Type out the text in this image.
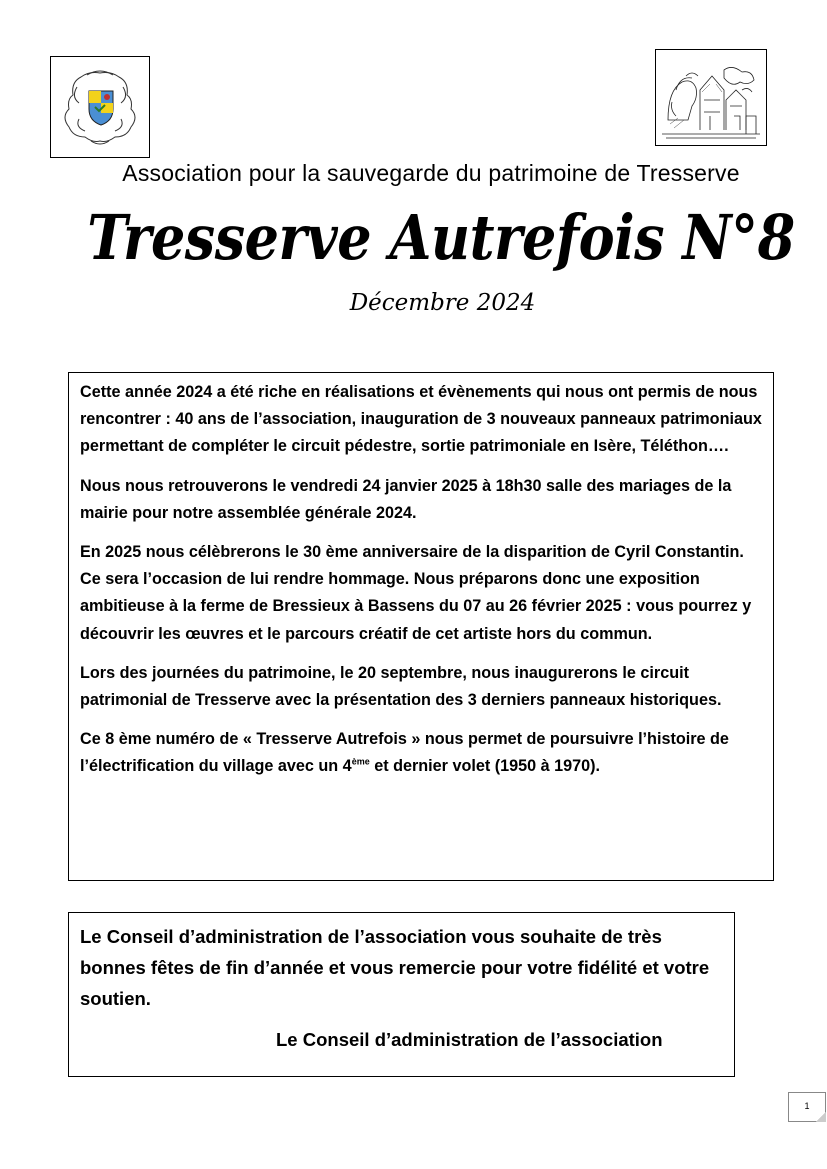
Association pour la sauvegarde du patrimoine de Tresserve
Tresserve Autrefois N°8
Décembre 2024

Cette année 2024 a été riche en réalisations et évènements qui nous ont permis de nous rencontrer : 40 ans de l’association, inauguration de 3 nouveaux panneaux patrimoniaux permettant de compléter le circuit pédestre, sortie patrimoniale en Isère, Téléthon….

Nous nous retrouverons le vendredi 24 janvier 2025 à 18h30 salle des mariages de la mairie pour notre assemblée générale 2024.

En 2025 nous célèbrerons le 30 ème anniversaire de la disparition de Cyril Constantin. Ce sera l’occasion de lui rendre hommage. Nous préparons donc une exposition ambitieuse à la ferme de Bressieux à Bassens du 07 au 26 février 2025 : vous pourrez y découvrir les œuvres et le parcours créatif de cet artiste hors du commun.

Lors des journées du patrimoine, le 20 septembre, nous inaugurerons le circuit patrimonial de Tresserve avec la présentation des 3 derniers panneaux historiques.

Ce 8 ème numéro de « Tresserve Autrefois » nous permet de poursuivre l’histoire de l’électrification du village avec un 4ème et dernier volet (1950 à 1970).

Le Conseil d’administration de l’association vous souhaite de très bonnes fêtes de fin d’année et vous remercie pour votre fidélité et votre soutien.

Le Conseil d’administration de l’association

1
